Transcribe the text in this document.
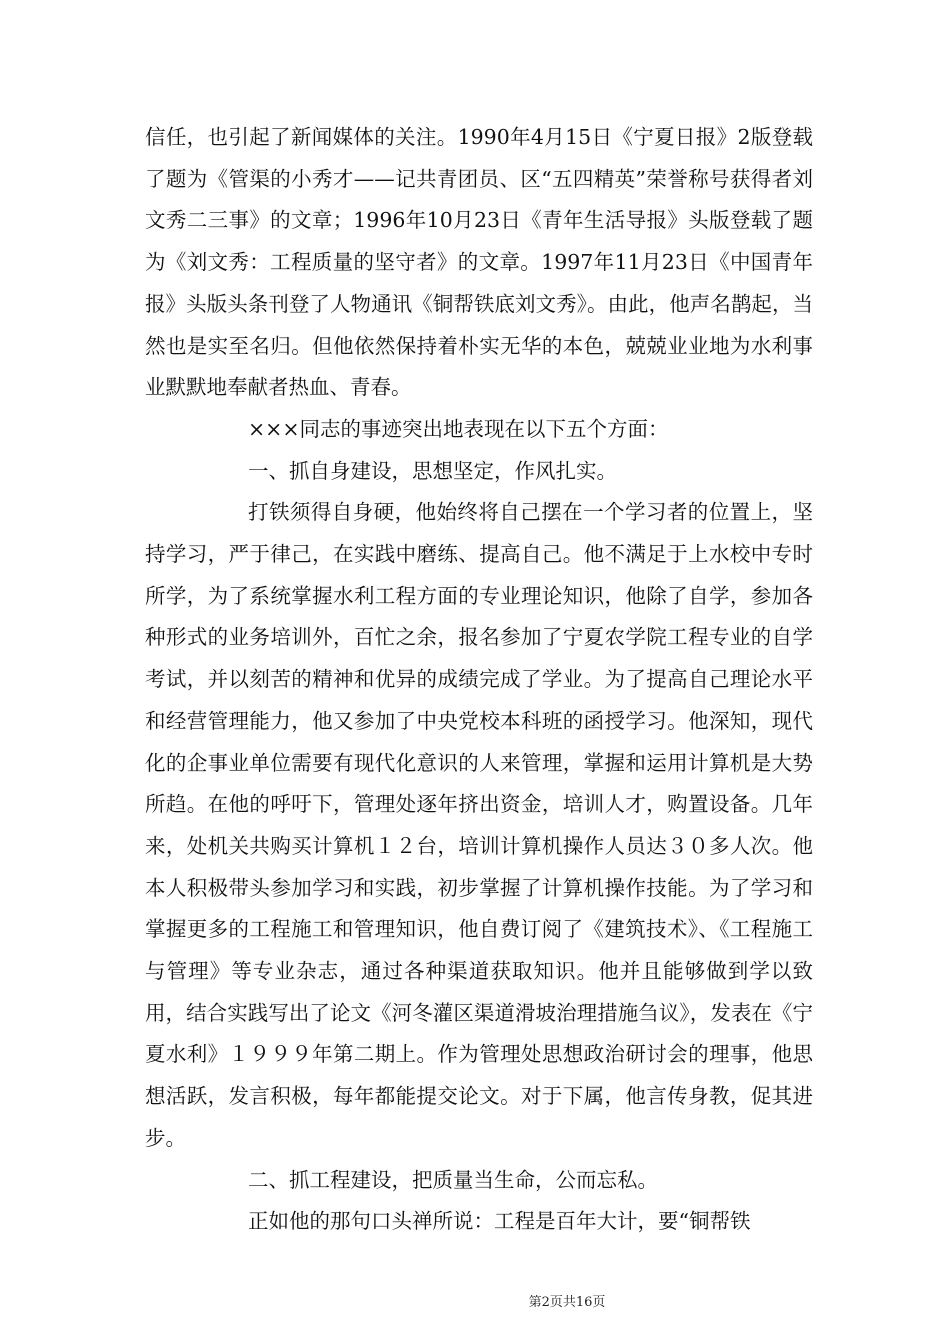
信任，也引起了新闻媒体的关注。1990年4月15日《宁夏日报》2版登载了题为《管渠的小秀才——记共青团员、区“五四精英”荣誉称号获得者刘文秀二三事》的文章；1996年10月23日《青年生活导报》头版登载了题为《刘文秀：工程质量的坚守者》的文章。1997年11月23日《中国青年报》头版头条刊登了人物通讯《铜帮铁底刘文秀》。由此，他声名鹊起，当然也是实至名归。但他依然保持着朴实无华的本色，兢兢业业地为水利事业默默地奉献者热血、青春。

×××同志的事迹突出地表现在以下五个方面：

一、抓自身建设，思想坚定，作风扎实。

打铁须得自身硬，他始终将自己摆在一个学习者的位置上，坚持学习，严于律己，在实践中磨练、提高自己。他不满足于上水校中专时所学，为了系统掌握水利工程方面的专业理论知识，他除了自学，参加各种形式的业务培训外，百忙之余，报名参加了宁夏农学院工程专业的自学考试，并以刻苦的精神和优异的成绩完成了学业。为了提高自己理论水平和经营管理能力，他又参加了中央党校本科班的函授学习。他深知，现代化的企事业单位需要有现代化意识的人来管理，掌握和运用计算机是大势所趋。在他的呼吁下，管理处逐年挤出资金，培训人才，购置设备。几年来，处机关共购买计算机１２台，培训计算机操作人员达３０多人次。他本人积极带头参加学习和实践，初步掌握了计算机操作技能。为了学习和掌握更多的工程施工和管理知识，他自费订阅了《建筑技术》、《工程施工与管理》等专业杂志，通过各种渠道获取知识。他并且能够做到学以致用，结合实践写出了论文《河冬灌区渠道滑坡治理措施刍议》，发表在《宁夏水利》１９９９年第二期上。作为管理处思想政治研讨会的理事，他思想活跃，发言积极，每年都能提交论文。对于下属，他言传身教，促其进步。

二、抓工程建设，把质量当生命，公而忘私。

正如他的那句口头禅所说：工程是百年大计，要“铜帮铁

第2页共16页
